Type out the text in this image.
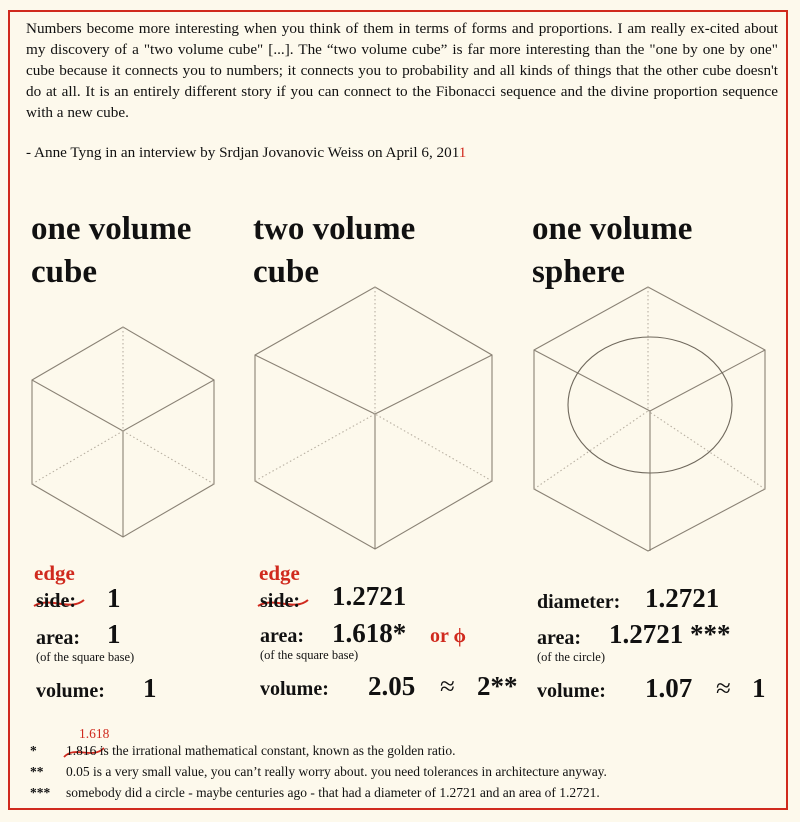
Numbers become more interesting when you think of them in terms of forms and proportions. I am really ex-cited about my discovery of a "two volume cube" [...]. The “two volume cube” is far more interesting than the "one by one by one" cube because it connects you to numbers; it connects you to probability and all kinds of things that the other cube doesn't do at all. It is an entirely different story if you can connect to the Fibonacci sequence and the divine proportion sequence with a new cube.

- Anne Tyng in an interview by Srdjan Jovanovic Weiss on April 6, 2011
one volume
cube
edge
side: 1
area: 1
(of the square base)
volume: 1
two volume
cube
edge
side: 1.2721
area: 1.618* or ϕ
(of the square base)
volume: 2.05 ≈ 2**
one volume
sphere
diameter: 1.2721
area: 1.2721 ***
(of the circle)
volume: 1.07 ≈ 1
1.618
* 1.816 is the irrational mathematical constant, known as the golden ratio.
** 0.05 is a very small value, you can’t really worry about. you need tolerances in architecture anyway.
*** somebody did a circle - maybe centuries ago - that had a diameter of 1.2721 and an area of 1.2721.
